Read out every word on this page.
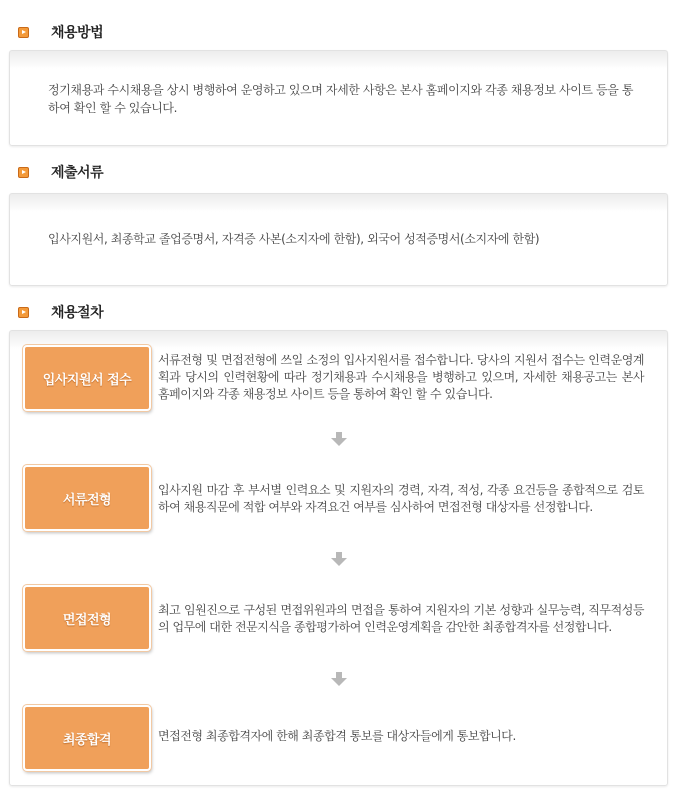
채용방법
정기채용과 수시채용을 상시 병행하여 운영하고 있으며 자세한 사항은 본사 홈페이지와 각종 채용정보 사이트 등을 통하여 확인 할 수 있습니다.
제출서류
입사지원서, 최종학교 졸업증명서, 자격증 사본(소지자에 한함), 외국어 성적증명서(소지자에 한함)
채용절차
입사지원서 접수
서류전형 및 면접전형에 쓰일 소정의 입사지원서를 접수합니다. 당사의 지원서 접수는 인력운영계획과 당시의 인력현황에 따라 정기채용과 수시채용을 병행하고 있으며, 자세한 채용공고는 본사 홈페이지와 각종 채용정보 사이트 등을 통하여 확인 할 수 있습니다.
서류전형
입사지원 마감 후 부서별 인력요소 및 지원자의 경력, 자격, 적성, 각종 요건등을 종합적으로 검토하여 채용직문에 적합 여부와 자격요건 여부를 심사하여 면접전형 대상자를 선정합니다.
면접전형
최고 임원진으로 구성된 면접위원과의 면접을 통하여 지원자의 기본 성향과 실무능력, 직무적성등의 업무에 대한 전문지식을 종합평가하여 인력운영계획을 감안한 최종합격자를 선정합니다.
최종합격	면접전형 최종합격자에 한해 최종합격 통보를 대상자들에게 통보합니다.
